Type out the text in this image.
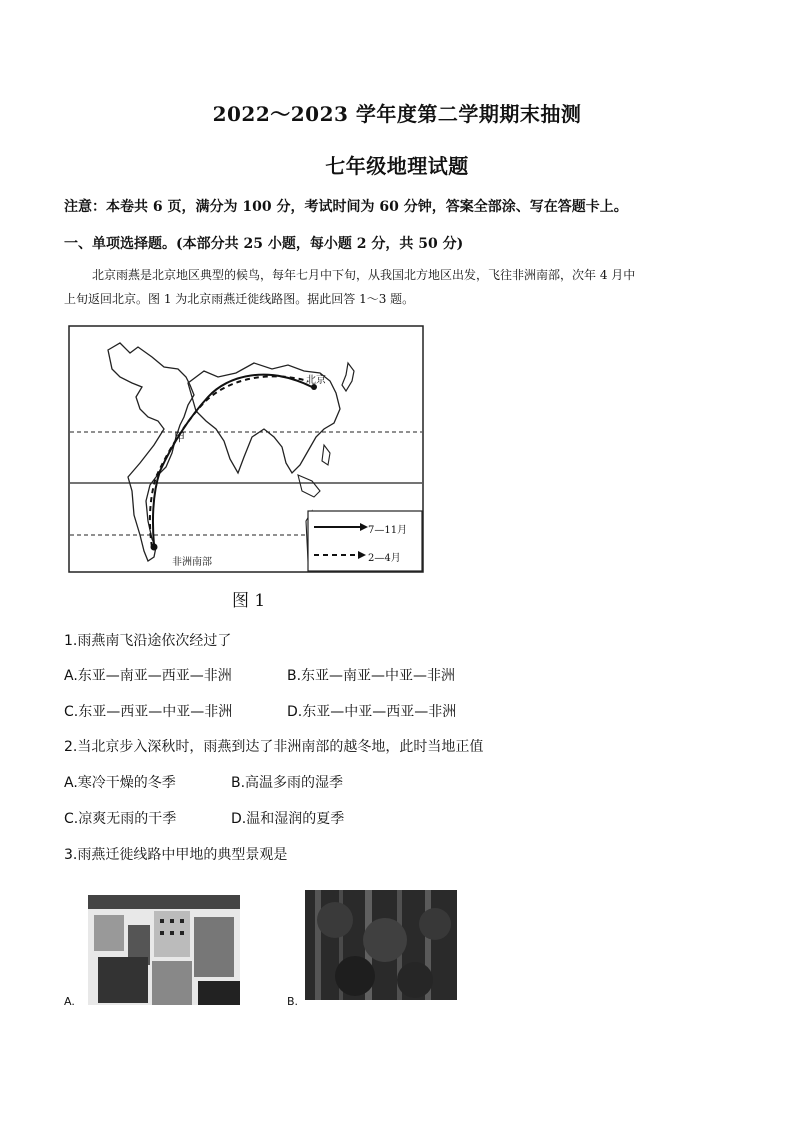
2022～2023 学年度第二学期期末抽测
七年级地理试题
注意：本卷共 6 页，满分为 100 分，考试时间为 60 分钟，答案全部涂、写在答题卡上。
一、单项选择题。(本部分共 25 小题，每小题 2 分，共 50 分)
北京雨燕是北京地区典型的候鸟，每年七月中下旬，从我国北方地区出发，飞往非洲南部，次年 4 月中
上旬返回北京。图 1 为北京雨燕迁徙线路图。据此回答 1～3 题。
北京
甲
非洲南部
7—11月
2—4月
图 1
1.雨燕南飞沿途依次经过了
A.东亚—南亚—西亚—非洲	B.东亚—南亚—中亚—非洲
C.东亚—西亚—中亚—非洲	D.东亚—中亚—西亚—非洲
2.当北京步入深秋时，雨燕到达了非洲南部的越冬地，此时当地正值
A.寒冷干燥的冬季	B.高温多雨的湿季
C.凉爽无雨的干季	D.温和湿润的夏季
3.雨燕迁徙线路中甲地的典型景观是
A.	B.
